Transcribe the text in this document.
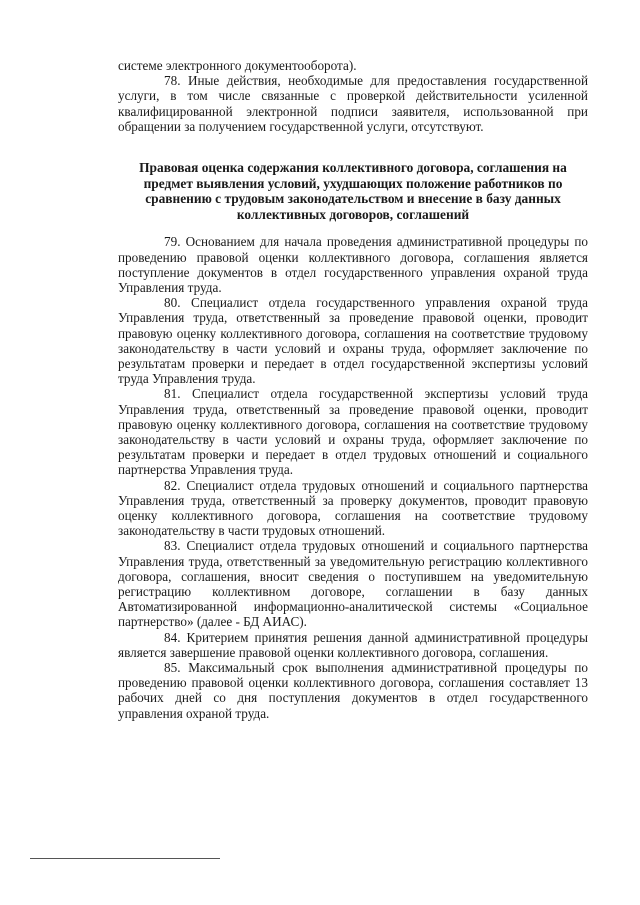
системе электронного документооборота).

78. Иные действия, необходимые для предоставления государственной услуги, в том числе связанные с проверкой действительности усиленной квалифицированной электронной подписи заявителя, использованной при обращении за получением государственной услуги, отсутствуют.

Правовая оценка содержания коллективного договора, соглашения на предмет выявления условий, ухудшающих положение работников по сравнению с трудовым законодательством и внесение в базу данных коллективных договоров, соглашений

79. Основанием для начала проведения административной процедуры по проведению правовой оценки коллективного договора, соглашения является поступление документов в отдел государственного управления охраной труда Управления труда.

80. Специалист отдела государственного управления охраной труда Управления труда, ответственный за проведение правовой оценки, проводит правовую оценку коллективного договора, соглашения на соответствие трудовому законодательству в части условий и охраны труда, оформляет заключение по результатам проверки и передает в отдел государственной экспертизы условий труда Управления труда.

81. Специалист отдела государственной экспертизы условий труда Управления труда, ответственный за проведение правовой оценки, проводит правовую оценку коллективного договора, соглашения на соответствие трудовому законодательству в части условий и охраны труда, оформляет заключение по результатам проверки и передает в отдел трудовых отношений и социального партнерства Управления труда.

82. Специалист отдела трудовых отношений и социального партнерства Управления труда, ответственный за проверку документов, проводит правовую оценку коллективного договора, соглашения на соответствие трудовому законодательству в части трудовых отношений.

83. Специалист отдела трудовых отношений и социального партнерства Управления труда, ответственный за уведомительную регистрацию коллективного договора, соглашения, вносит сведения о поступившем на уведомительную регистрацию коллективном договоре, соглашении в базу данных Автоматизированной информационно-аналитической системы «Социальное партнерство» (далее - БД АИАС).

84. Критерием принятия решения данной административной процедуры является завершение правовой оценки коллективного договора, соглашения.

85. Максимальный срок выполнения административной процедуры по проведению правовой оценки коллективного договора, соглашения составляет 13 рабочих дней со дня поступления документов в отдел государственного управления охраной труда.
